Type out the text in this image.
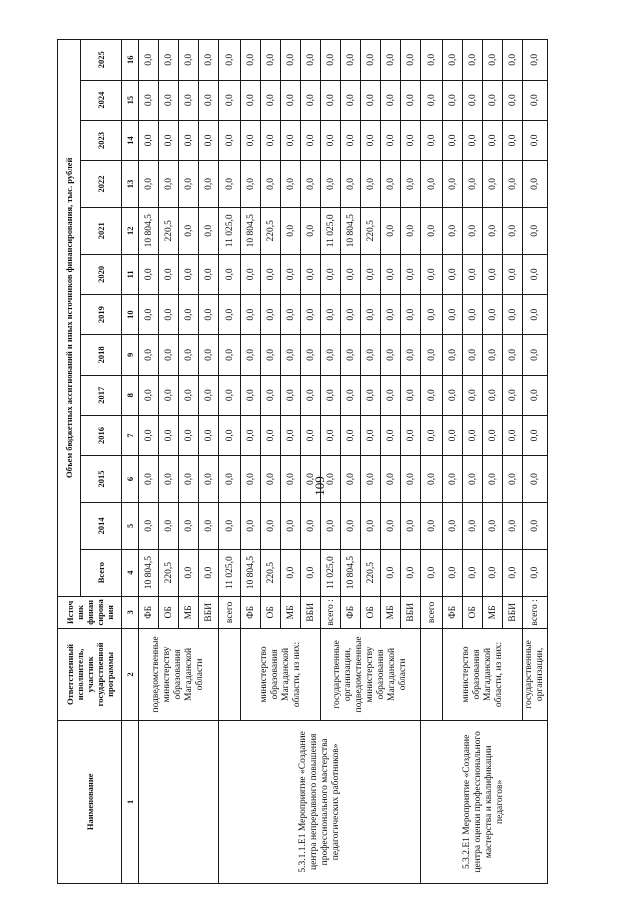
109
Наименование	Ответственный исполнитель, участник государственной программы	Источ ник финан сирова ния	Объем бюджетных ассигнований и иных источников финансирования, тыс. рублей												
			Всего	2014	2015	2016	2017	2018	2019	2020	2021	2022	2023	2024	2025
1	2	3	4	5	6	7	8	9	10	11	12	13	14	15	16
	подведомственные министерству образования Магаданской области	ФБ	10 804,5	0,0	0,0	0,0	0,0	0,0	0,0	0,0	10 804,5	0,0	0,0	0,0	0,0
		ОБ	220,5	0,0	0,0	0,0	0,0	0,0	0,0	0,0	220,5	0,0	0,0	0,0	0,0
		МБ	0,0	0,0	0,0	0,0	0,0	0,0	0,0	0,0	0,0	0,0	0,0	0,0	0,0
		ВБИ	0,0	0,0	0,0	0,0	0,0	0,0	0,0	0,0	0,0	0,0	0,0	0,0	0,0
5.3.1.1.Е1 Мероприятие «Создание центра непрерывного повышения профессионального мастерства педагогических работников»		всего	11 025,0	0,0	0,0	0,0	0,0	0,0	0,0	0,0	11 025,0	0,0	0,0	0,0	0,0
	министерство образования Магаданской области, из них:	ФБ	10 804,5	0,0	0,0	0,0	0,0	0,0	0,0	0,0	10 804,5	0,0	0,0	0,0	0,0
		ОБ	220,5	0,0	0,0	0,0	0,0	0,0	0,0	0,0	220,5	0,0	0,0	0,0	0,0
		МБ	0,0	0,0	0,0	0,0	0,0	0,0	0,0	0,0	0,0	0,0	0,0	0,0	0,0
		ВБИ	0,0	0,0	0,0	0,0	0,0	0,0	0,0	0,0	0,0	0,0	0,0	0,0	0,0
	государственные организации, подведомственные министерству образования Магаданской области	всего :	11 025,0	0,0	0,0	0,0	0,0	0,0	0,0	0,0	11 025,0	0,0	0,0	0,0	0,0
		ФБ	10 804,5	0,0	0,0	0,0	0,0	0,0	0,0	0,0	10 804,5	0,0	0,0	0,0	0,0
		ОБ	220,5	0,0	0,0	0,0	0,0	0,0	0,0	0,0	220,5	0,0	0,0	0,0	0,0
		МБ	0,0	0,0	0,0	0,0	0,0	0,0	0,0	0,0	0,0	0,0	0,0	0,0	0,0
		ВБИ	0,0	0,0	0,0	0,0	0,0	0,0	0,0	0,0	0,0	0,0	0,0	0,0	0,0
5.3.2.Е1 Мероприятие «Создание центра оценки профессионального мастерства и квалификации педагогов»		всего	0,0	0,0	0,0	0,0	0,0	0,0	0,0	0,0	0,0	0,0	0,0	0,0	0,0
	министерство образования Магаданской области, из них:	ФБ	0,0	0,0	0,0	0,0	0,0	0,0	0,0	0,0	0,0	0,0	0,0	0,0	0,0
		ОБ	0,0	0,0	0,0	0,0	0,0	0,0	0,0	0,0	0,0	0,0	0,0	0,0	0,0
		МБ	0,0	0,0	0,0	0,0	0,0	0,0	0,0	0,0	0,0	0,0	0,0	0,0	0,0
		ВБИ	0,0	0,0	0,0	0,0	0,0	0,0	0,0	0,0	0,0	0,0	0,0	0,0	0,0
	государственные организации,	всего :	0,0	0,0	0,0	0,0	0,0	0,0	0,0	0,0	0,0	0,0	0,0	0,0	0,0
